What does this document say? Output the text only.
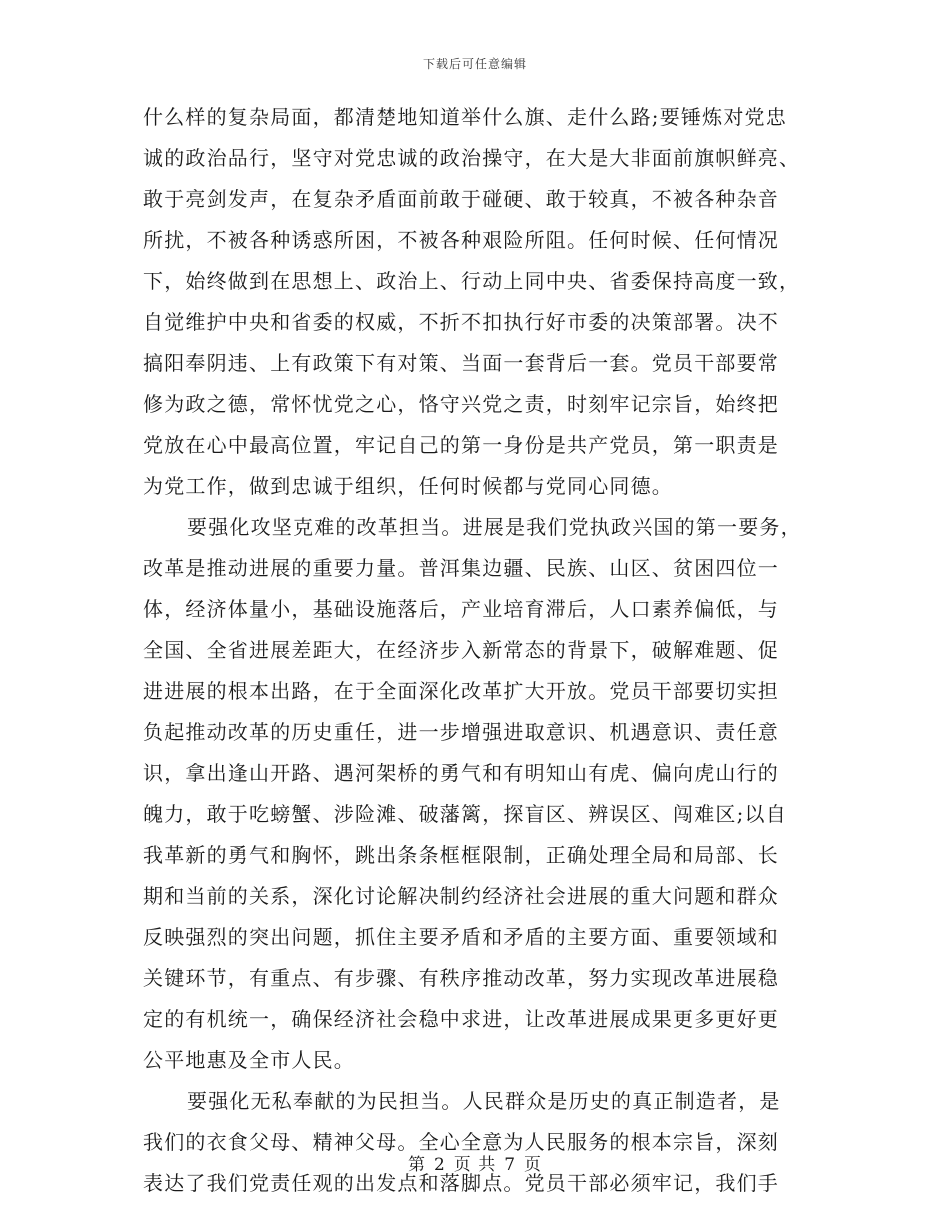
下载后可任意编辑
什么样的复杂局面，都清楚地知道举什么旗、走什么路;要锤炼对党忠
诚的政治品行，坚守对党忠诚的政治操守，在大是大非面前旗帜鲜亮、
敢于亮剑发声，在复杂矛盾面前敢于碰硬、敢于较真，不被各种杂音
所扰，不被各种诱惑所困，不被各种艰险所阻。任何时候、任何情况
下，始终做到在思想上、政治上、行动上同中央、省委保持高度一致，
自觉维护中央和省委的权威，不折不扣执行好市委的决策部署。决不
搞阳奉阴违、上有政策下有对策、当面一套背后一套。党员干部要常
修为政之德，常怀忧党之心，恪守兴党之责，时刻牢记宗旨，始终把
党放在心中最高位置，牢记自己的第一身份是共产党员，第一职责是
为党工作，做到忠诚于组织，任何时候都与党同心同德。
要强化攻坚克难的改革担当。进展是我们党执政兴国的第一要务，
改革是推动进展的重要力量。普洱集边疆、民族、山区、贫困四位一
体，经济体量小，基础设施落后，产业培育滞后，人口素养偏低，与
全国、全省进展差距大，在经济步入新常态的背景下，破解难题、促
进进展的根本出路，在于全面深化改革扩大开放。党员干部要切实担
负起推动改革的历史重任，进一步增强进取意识、机遇意识、责任意
识，拿出逢山开路、遇河架桥的勇气和有明知山有虎、偏向虎山行的
魄力，敢于吃螃蟹、涉险滩、破藩篱，探盲区、辨误区、闯难区;以自
我革新的勇气和胸怀，跳出条条框框限制，正确处理全局和局部、长
期和当前的关系，深化讨论解决制约经济社会进展的重大问题和群众
反映强烈的突出问题，抓住主要矛盾和矛盾的主要方面、重要领域和
关键环节，有重点、有步骤、有秩序推动改革，努力实现改革进展稳
定的有机统一，确保经济社会稳中求进，让改革进展成果更多更好更
公平地惠及全市人民。
要强化无私奉献的为民担当。人民群众是历史的真正制造者，是
我们的衣食父母、精神父母。全心全意为人民服务的根本宗旨，深刻
表达了我们党责任观的出发点和落脚点。党员干部必须牢记，我们手
第 2 页 共 7 页
